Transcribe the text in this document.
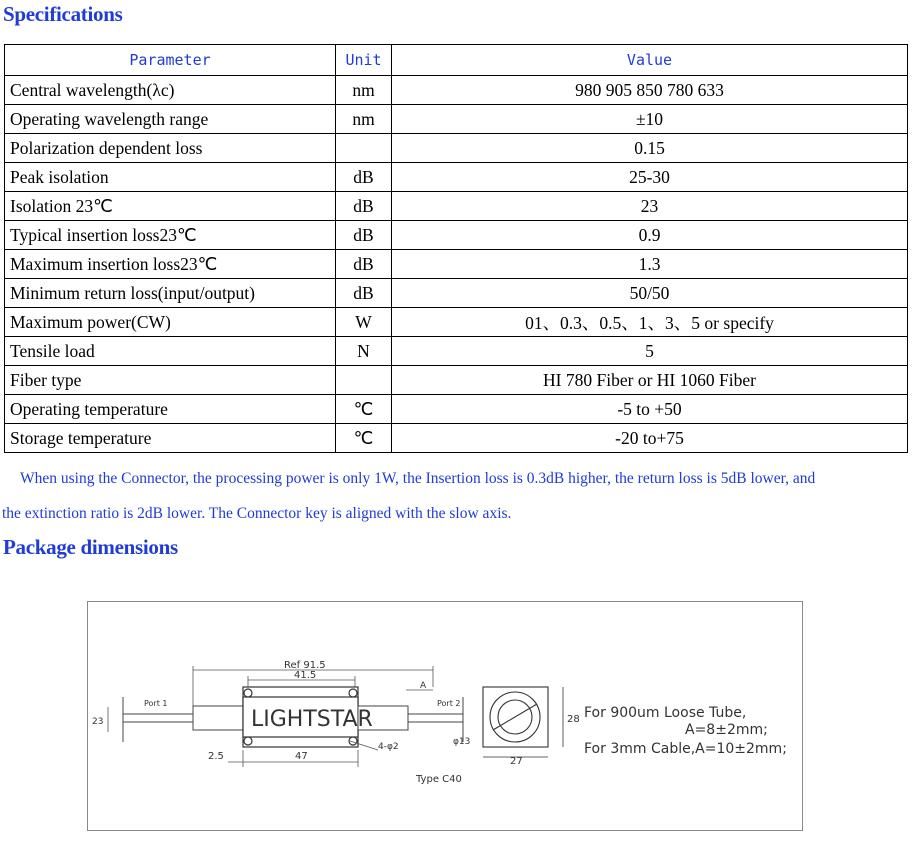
Specifications
Parameter	Unit	Value
Central wavelength(λc)	nm	980 905 850 780 633
Operating wavelength range	nm	±10
Polarization dependent loss		0.15
Peak isolation	dB	25-30
Isolation 23℃	dB	23
Typical insertion loss23℃	dB	0.9
Maximum insertion loss23℃	dB	1.3
Minimum return loss(input/output)	dB	50/50
Maximum power(CW)	W	01、0.3、0.5、1、3、5 or specify
Tensile load	N	5
Fiber type		HI 780 Fiber or HI 1060 Fiber
Operating temperature	℃	-5 to +50
Storage temperature	℃	-20 to+75

When using the Connector, the processing power is only 1W, the Insertion loss is 0.3dB higher, the return loss is 5dB lower, and

the extinction ratio is 2dB lower. The Connector key is aligned with the slow axis.

Package dimensions
Ref 91.5
41.5
A
Port 1	Port 2
LIGHTSTAR
23
2.5	47
4-φ2	φ13
27
28
Type C40
For 900um Loose Tube,
A=8±2mm;
For 3mm Cable,A=10±2mm;
